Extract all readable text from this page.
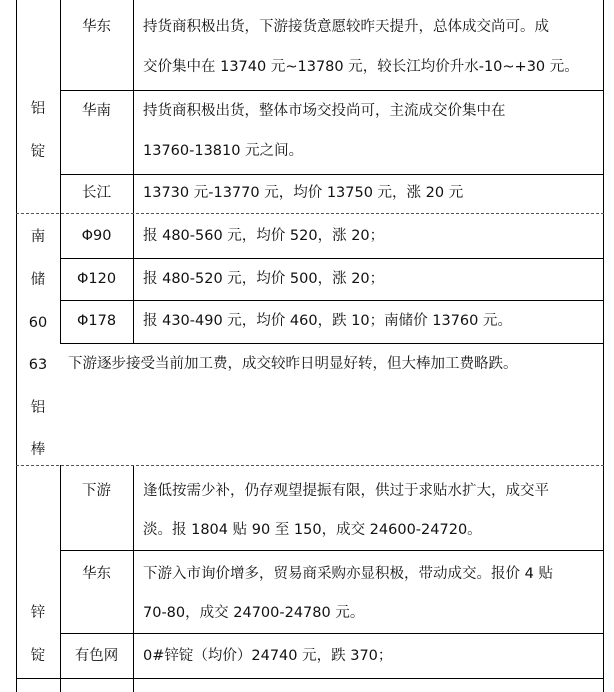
铝
锭
华东	持货商积极出货，下游接货意愿较昨天提升，总体成交尚可。成
交价集中在 13740 元~13780 元，较长江均价升水-10~+30 元。
华南	持货商积极出货，整体市场交投尚可，主流成交价集中在
13760-13810 元之间。
长江	13730 元-13770 元，均价 13750 元，涨 20 元
南
储
60
63
铝
棒
Φ90	报 480-560 元，均价 520，涨 20；
Φ120	报 480-520 元，均价 500，涨 20；
Φ178	报 430-490 元，均价 460，跌 10；南储价 13760 元。
下游逐步接受当前加工费，成交较昨日明显好转，但大棒加工费略跌。
锌
锭
下游	逢低按需少补，仍存观望提振有限，供过于求贴水扩大，成交平
淡。报 1804 贴 90 至 150，成交 24600-24720。
华东	下游入市询价增多，贸易商采购亦显积极，带动成交。报价 4 贴
70-80，成交 24700-24780 元。
有色网	0#锌锭（均价）24740 元，跌 370；
